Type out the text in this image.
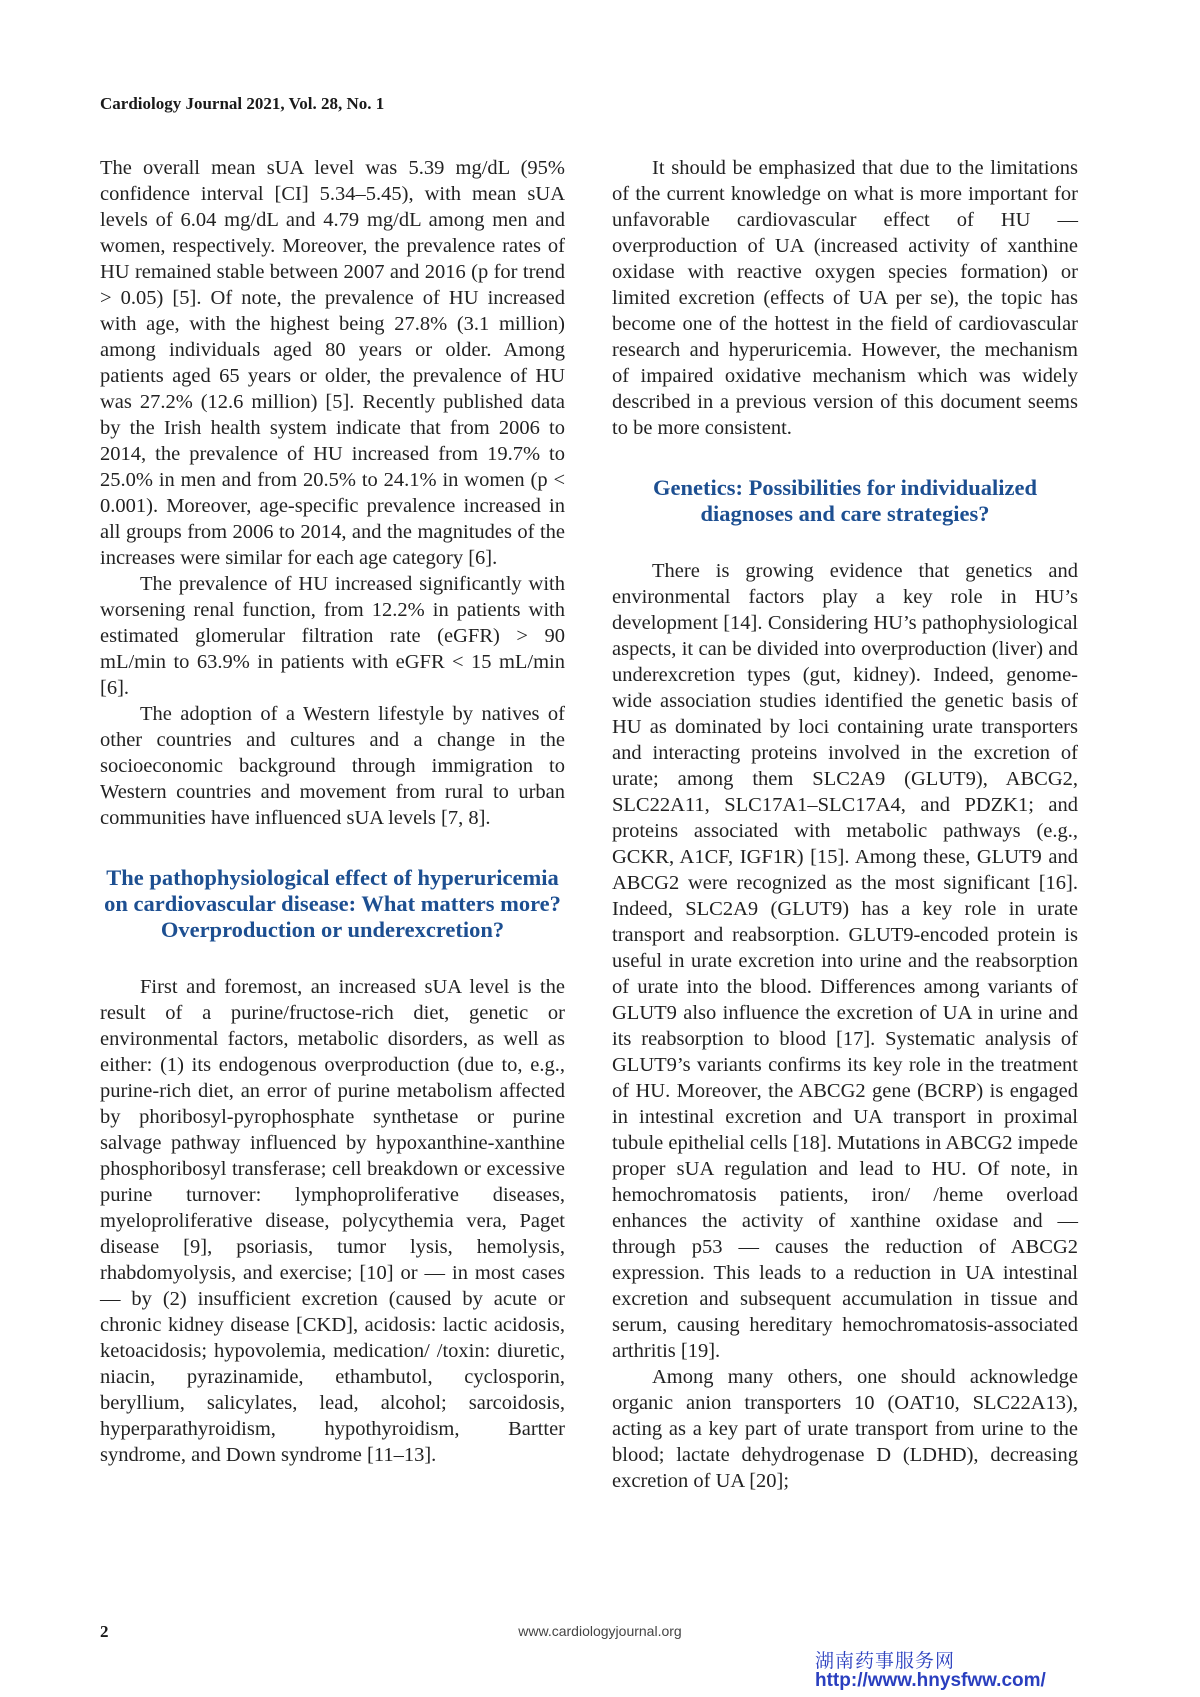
Cardiology Journal 2021, Vol. 28, No. 1

The overall mean sUA level was 5.39 mg/dL (95% confidence interval [CI] 5.34–5.45), with mean sUA levels of 6.04 mg/dL and 4.79 mg/dL among men and women, respectively. Moreover, the prevalence rates of HU remained stable between 2007 and 2016 (p for trend > 0.05) [5]. Of note, the prevalence of HU increased with age, with the highest being 27.8% (3.1 million) among individuals aged 80 years or older. Among patients aged 65 years or older, the prevalence of HU was 27.2% (12.6 million) [5]. Recently published data by the Irish health system indicate that from 2006 to 2014, the prevalence of HU increased from 19.7% to 25.0% in men and from 20.5% to 24.1% in women (p < 0.001). Moreover, age-specific prevalence increased in all groups from 2006 to 2014, and the magnitudes of the increases were similar for each age category [6].

The prevalence of HU increased significantly with worsening renal function, from 12.2% in patients with estimated glomerular filtration rate (eGFR) > 90 mL/min to 63.9% in patients with eGFR < 15 mL/min [6].

The adoption of a Western lifestyle by natives of other countries and cultures and a change in the socioeconomic background through immigration to Western countries and movement from rural to urban communities have influenced sUA levels [7, 8].

The pathophysiological effect of hyperuricemia on cardiovascular disease: What matters more? Overproduction or underexcretion?

First and foremost, an increased sUA level is the result of a purine/fructose-rich diet, genetic or environmental factors, metabolic disorders, as well as either: (1) its endogenous overproduction (due to, e.g., purine-rich diet, an error of purine metabolism affected by phoribosyl-pyrophosphate synthetase or purine salvage pathway influenced by hypoxanthine-xanthine phosphoribosyl transferase; cell breakdown or excessive purine turnover: lymphoproliferative diseases, myeloproliferative disease, polycythemia vera, Paget disease [9], psoriasis, tumor lysis, hemolysis, rhabdomyolysis, and exercise; [10] or — in most cases — by (2) insufficient excretion (caused by acute or chronic kidney disease [CKD], acidosis: lactic acidosis, ketoacidosis; hypovolemia, medication/ /toxin: diuretic, niacin, pyrazinamide, ethambutol, cyclosporin, beryllium, salicylates, lead, alcohol; sarcoidosis, hyperparathyroidism, hypothyroidism, Bartter syndrome, and Down syndrome [11–13].

It should be emphasized that due to the limitations of the current knowledge on what is more important for unfavorable cardiovascular effect of HU — overproduction of UA (increased activity of xanthine oxidase with reactive oxygen species formation) or limited excretion (effects of UA per se), the topic has become one of the hottest in the field of cardiovascular research and hyperuricemia. However, the mechanism of impaired oxidative mechanism which was widely described in a previous version of this document seems to be more consistent.

Genetics: Possibilities for individualized diagnoses and care strategies?

There is growing evidence that genetics and environmental factors play a key role in HU’s development [14]. Considering HU’s pathophysiological aspects, it can be divided into overproduction (liver) and underexcretion types (gut, kidney). Indeed, genome-wide association studies identified the genetic basis of HU as dominated by loci containing urate transporters and interacting proteins involved in the excretion of urate; among them SLC2A9 (GLUT9), ABCG2, SLC22A11, SLC17A1–SLC17A4, and PDZK1; and proteins associated with metabolic pathways (e.g., GCKR, A1CF, IGF1R) [15]. Among these, GLUT9 and ABCG2 were recognized as the most significant [16]. Indeed, SLC2A9 (GLUT9) has a key role in urate transport and reabsorption. GLUT9-encoded protein is useful in urate excretion into urine and the reabsorption of urate into the blood. Differences among variants of GLUT9 also influence the excretion of UA in urine and its reabsorption to blood [17]. Systematic analysis of GLUT9’s variants confirms its key role in the treatment of HU. Moreover, the ABCG2 gene (BCRP) is engaged in intestinal excretion and UA transport in proximal tubule epithelial cells [18]. Mutations in ABCG2 impede proper sUA regulation and lead to HU. Of note, in hemochromatosis patients, iron/ /heme overload enhances the activity of xanthine oxidase and — through p53 — causes the reduction of ABCG2 expression. This leads to a reduction in UA intestinal excretion and subsequent accumulation in tissue and serum, causing hereditary hemochromatosis-associated arthritis [19].

Among many others, one should acknowledge organic anion transporters 10 (OAT10, SLC22A13), acting as a key part of urate transport from urine to the blood; lactate dehydrogenase D (LDHD), decreasing excretion of UA [20];

2	www.cardiologyjournal.org
湖南药事服务网
http://www.hnysfww.com/
